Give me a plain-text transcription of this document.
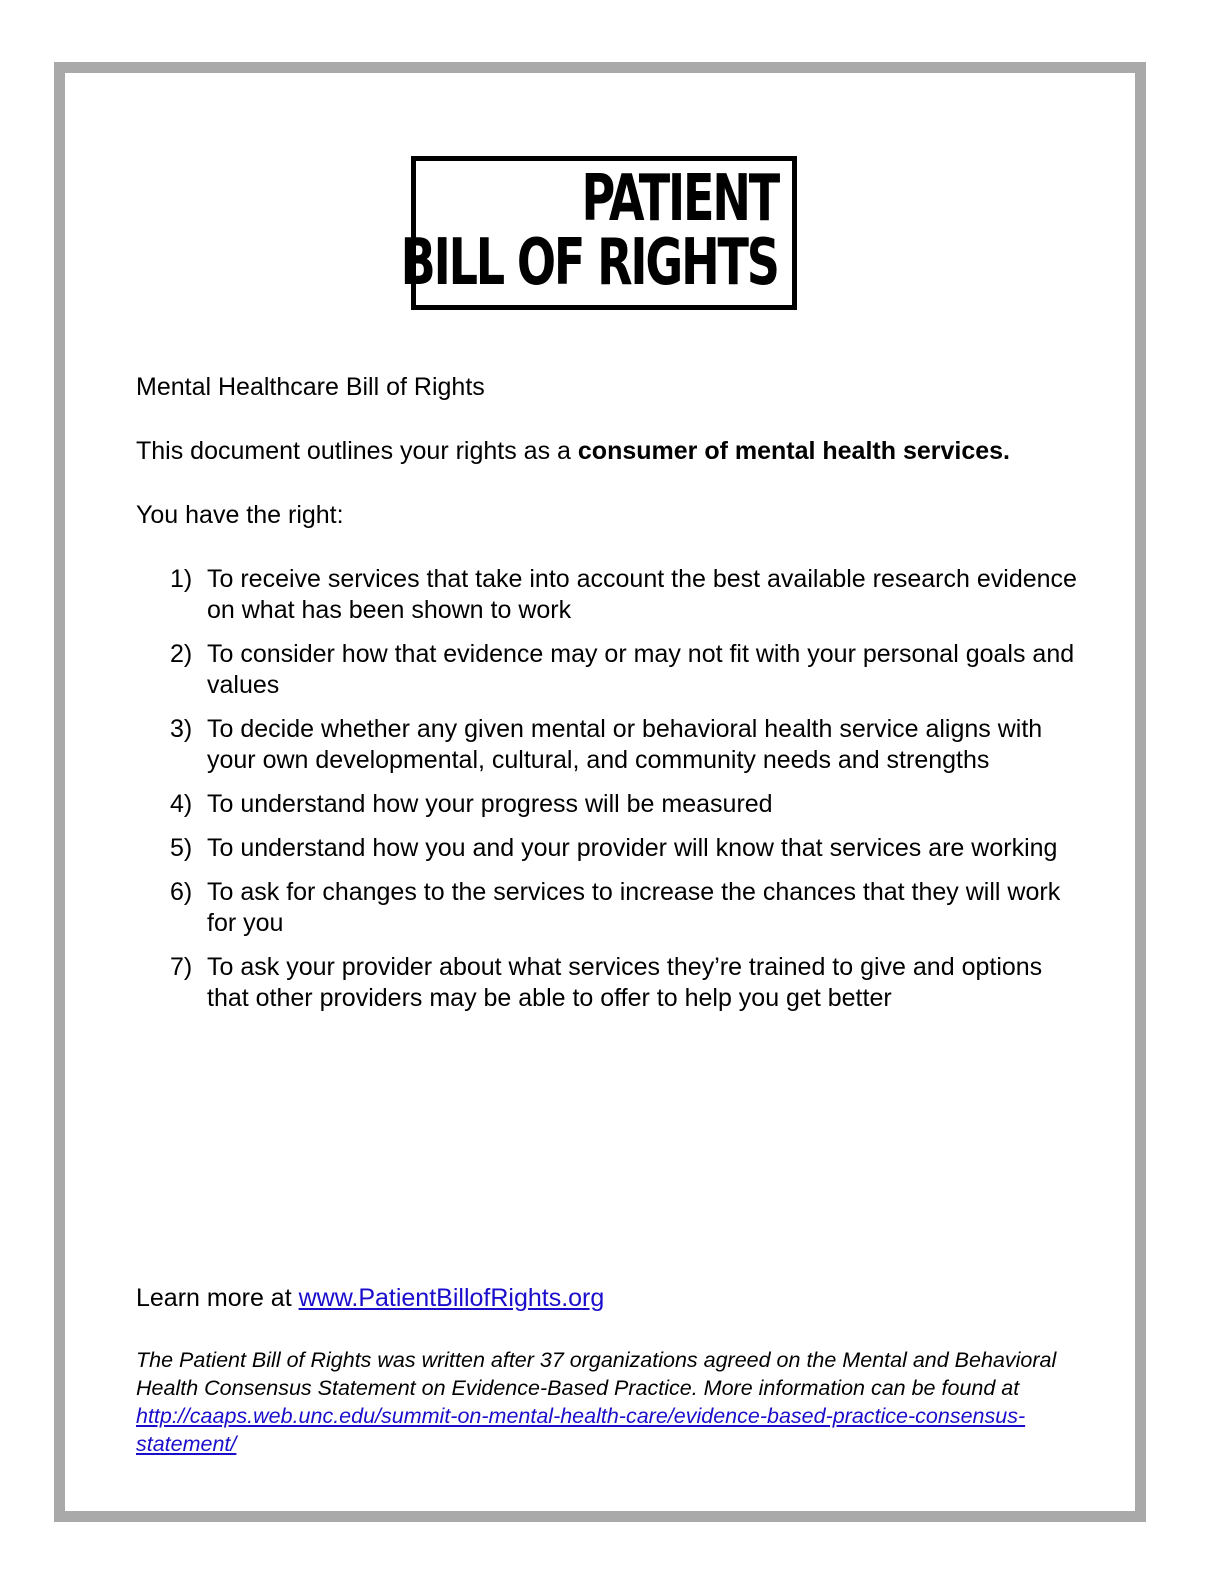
PATIENT
BILL OF RIGHTS

Mental Healthcare Bill of Rights

This document outlines your rights as a consumer of mental health services.

You have the right:

1) To receive services that take into account the best available research evidence on what has been shown to work
2) To consider how that evidence may or may not fit with your personal goals and values
3) To decide whether any given mental or behavioral health service aligns with your own developmental, cultural, and community needs and strengths
4) To understand how your progress will be measured
5) To understand how you and your provider will know that services are working
6) To ask for changes to the services to increase the chances that they will work for you
7) To ask your provider about what services they’re trained to give and options that other providers may be able to offer to help you get better

Learn more at www.PatientBillofRights.org

The Patient Bill of Rights was written after 37 organizations agreed on the Mental and Behavioral Health Consensus Statement on Evidence-Based Practice. More information can be found at http://caaps.web.unc.edu/summit-on-mental-health-care/evidence-based-practice-consensus-statement/
